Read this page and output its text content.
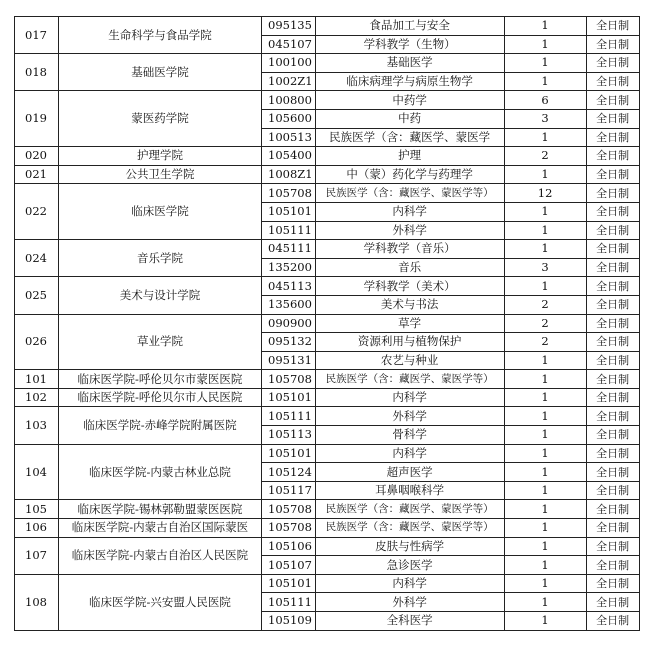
017	生命科学与食品学院	095135	食品加工与安全	1	全日制
		045107	学科教学（生物）	1	全日制
018	基础医学院	100100	基础医学	1	全日制
		1002Z1	临床病理学与病原生物学	1	全日制
019	蒙医药学院	100800	中药学	6	全日制
		105600	中药	3	全日制
		100513	民族医学（含：藏医学、蒙医学	1	全日制
020	护理学院	105400	护理	2	全日制
021	公共卫生学院	1008Z1	中（蒙）药化学与药理学	1	全日制
022	临床医学院	105708	民族医学（含：藏医学、蒙医学等）	12	全日制
		105101	内科学	1	全日制
		105111	外科学	1	全日制
024	音乐学院	045111	学科教学（音乐）	1	全日制
		135200	音乐	3	全日制
025	美术与设计学院	045113	学科教学（美术）	1	全日制
		135600	美术与书法	2	全日制
026	草业学院	090900	草学	2	全日制
		095132	资源利用与植物保护	2	全日制
		095131	农艺与种业	1	全日制
101	临床医学院-呼伦贝尔市蒙医医院	105708	民族医学（含：藏医学、蒙医学等）	1	全日制
102	临床医学院-呼伦贝尔市人民医院	105101	内科学	1	全日制
103	临床医学院-赤峰学院附属医院	105111	外科学	1	全日制
		105113	骨科学	1	全日制
104	临床医学院-内蒙古林业总院	105101	内科学	1	全日制
		105124	超声医学	1	全日制
		105117	耳鼻咽喉科学	1	全日制
105	临床医学院-锡林郭勒盟蒙医医院	105708	民族医学（含：藏医学、蒙医学等）	1	全日制
106	临床医学院-内蒙古自治区国际蒙医	105708	民族医学（含：藏医学、蒙医学等）	1	全日制
107	临床医学院-内蒙古自治区人民医院	105106	皮肤与性病学	1	全日制
		105107	急诊医学	1	全日制
108	临床医学院-兴安盟人民医院	105101	内科学	1	全日制
		105111	外科学	1	全日制
		105109	全科医学	1	全日制
